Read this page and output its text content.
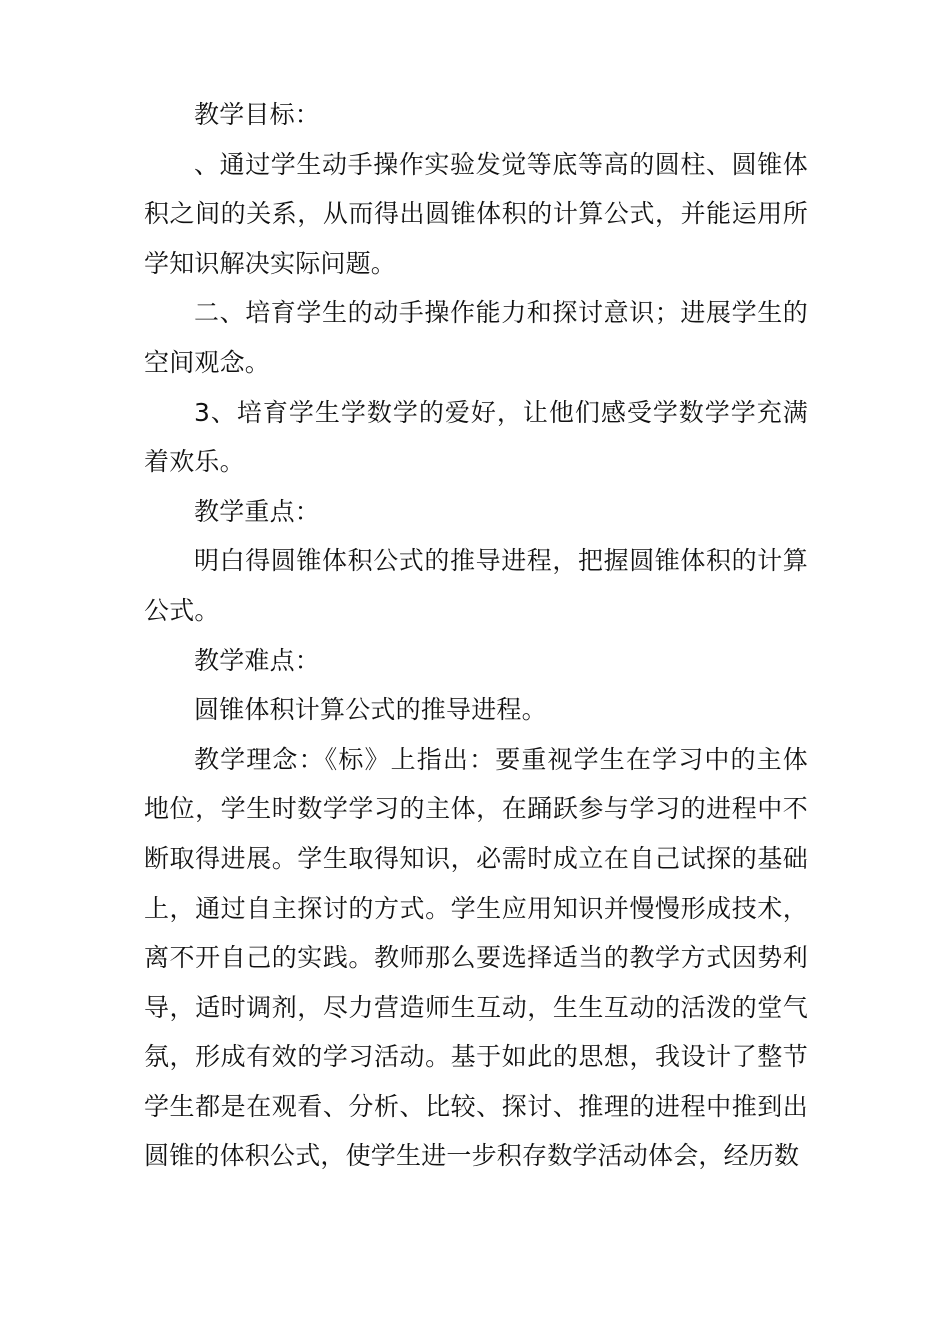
教学目标：

、通过学生动手操作实验发觉等底等高的圆柱、圆锥体积之间的关系，从而得出圆锥体积的计算公式，并能运用所学知识解决实际问题。

二、培育学生的动手操作能力和探讨意识；进展学生的空间观念。

3、培育学生学数学的爱好，让他们感受学数学学充满着欢乐。

教学重点：

明白得圆锥体积公式的推导进程，把握圆锥体积的计算公式。

教学难点：

圆锥体积计算公式的推导进程。

教学理念：《标》上指出：要重视学生在学习中的主体地位，学生时数学学习的主体，在踊跃参与学习的进程中不断取得进展。学生取得知识，必需时成立在自己试探的基础上，通过自主探讨的方式。学生应用知识并慢慢形成技术，离不开自己的实践。教师那么要选择适当的教学方式因势利导，适时调剂，尽力营造师生互动，生生互动的活泼的堂气氛，形成有效的学习活动。基于如此的思想，我设计了整节学生都是在观看、分析、比较、探讨、推理的进程中推到出圆锥的体积公式，使学生进一步积存数学活动体会，经历数
